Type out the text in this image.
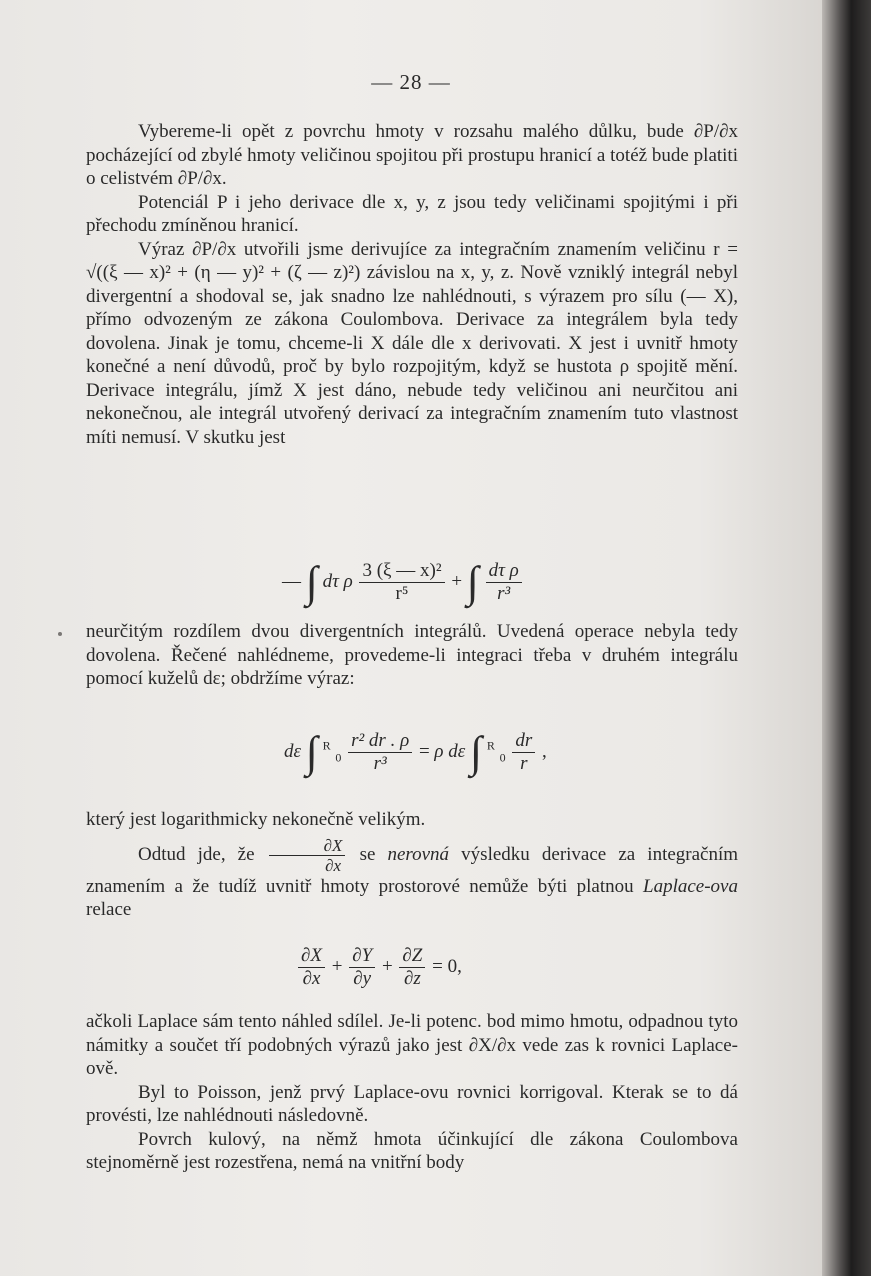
— 28 —

Vybereme-li opět z povrchu hmoty v rozsahu malého důlku, bude ∂P/∂x pocházející od zbylé hmoty veličinou spojitou při prostupu hranicí a totéž bude platiti o celistvém ∂P/∂x.

Potenciál P i jeho derivace dle x, y, z jsou tedy veličinami spojitými i při přechodu zmíněnou hranicí.

Výraz ∂P/∂x utvořili jsme derivujíce za integračním znamením veličinu r = √((ξ — x)² + (η — y)² + (ζ — z)²) závislou na x, y, z. Nově vzniklý integrál nebyl divergentní a shodoval se, jak snadno lze nahlédnouti, s výrazem pro sílu (— X), přímo odvozeným ze zákona Coulombova. Derivace za integrálem byla tedy dovolena. Jinak je tomu, chceme-li X dále dle x derivovati. X jest i uvnitř hmoty konečné a není důvodů, proč by bylo rozpojitým, když se hustota ρ spojitě mění. Derivace integrálu, jímž X jest dáno, nebude tedy veličinou ani neurčitou ani nekonečnou, ale integrál utvořený derivací za integračním znamením tuto vlastnost míti nemusí. V skutku jest

— ∫ dτ ρ $\frac{\text{3 (ξ — x)²}}{\text{r⁵}}$ + ∫ $\frac{\text{dτ ρ}}{\text{r³}}$

neurčitým rozdílem dvou divergentních integrálů. Uvedená operace nebyla tedy dovolena. Řečené nahlédneme, provedeme-li integraci třeba v druhém integrálu pomocí kuželů dε; obdržíme výraz:

dε ∫ $^R$ $_0 \frac{\text{r² dr . ρ}}{\text{r³}} = \rho$ dε ∫ $^R$ $_0 \frac{dr}{r}$ ,

který jest logarithmicky nekonečně velikým.

Odtud jde, že $\frac{\partial X}{\partial x}$ se nerovná výsledku derivace za integračním znamením a že tudíž uvnitř hmoty prostorové nemůže býti platnou Laplace-ova relace

$\frac{\partial X}{\partial x} + \frac{\partial Y}{\partial y} + \frac{\partial Z}{\partial z} = 0$,

ačkoli Laplace sám tento náhled sdílel. Je-li potenc. bod mimo hmotu, odpadnou tyto námitky a součet tří podobných výrazů jako jest ∂X/∂x vede zas k rovnici Laplace-ově.

Byl to Poisson, jenž prvý Laplace-ovu rovnici korrigoval. Kterak se to dá provésti, lze nahlédnouti následovně.

Povrch kulový, na němž hmota účinkující dle zákona Coulombova stejnoměrně jest rozestřena, nemá na vnitřní body
